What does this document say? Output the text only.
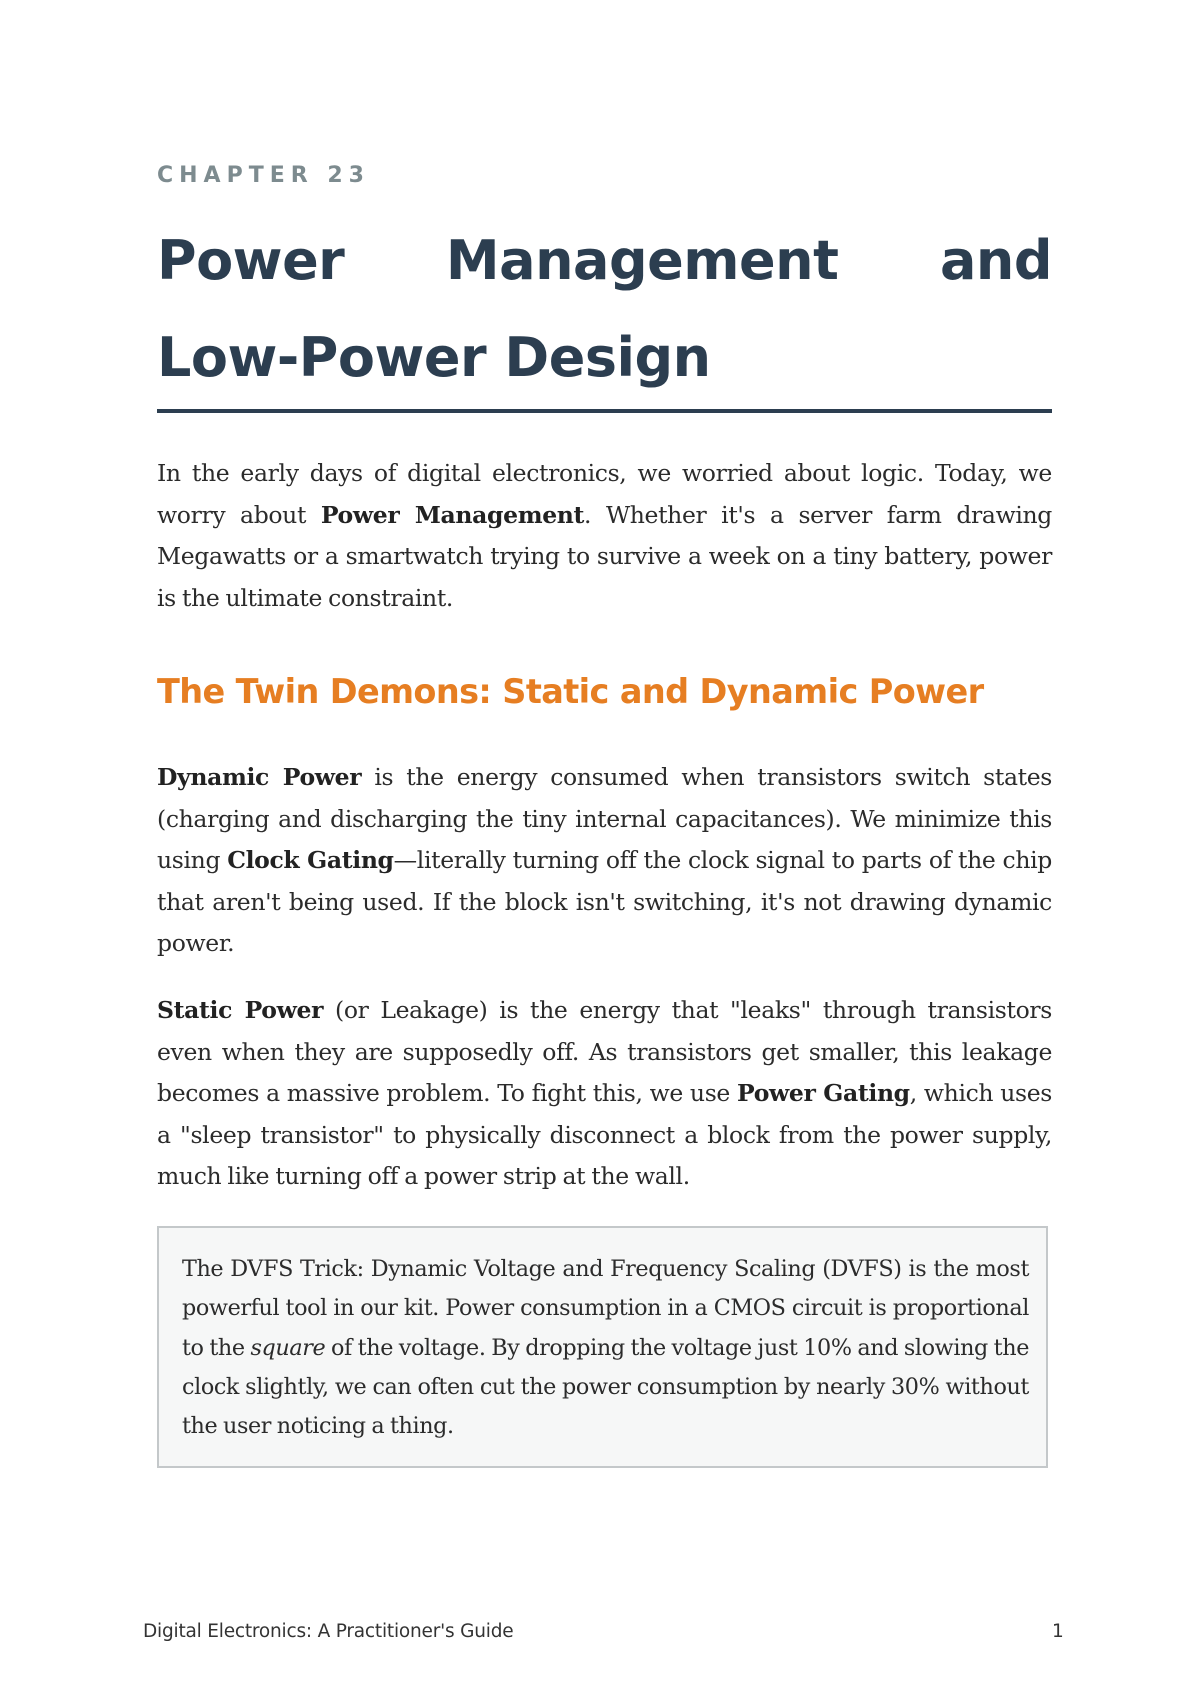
CHAPTER 23
Power Management and
Low-Power Design

In the early days of digital electronics, we worried about logic. Today, we worry about Power Management. Whether it's a server farm drawing Megawatts or a smartwatch trying to survive a week on a tiny battery, power is the ultimate constraint.

The Twin Demons: Static and Dynamic Power

Dynamic Power is the energy consumed when transistors switch states (charging and discharging the tiny internal capacitances). We minimize this using Clock Gating—literally turning off the clock signal to parts of the chip that aren't being used. If the block isn't switching, it's not drawing dynamic power.

Static Power (or Leakage) is the energy that "leaks" through transistors even when they are supposedly off. As transistors get smaller, this leakage becomes a massive problem. To fight this, we use Power Gating, which uses a "sleep transistor" to physically disconnect a block from the power supply, much like turning off a power strip at the wall.

The DVFS Trick: Dynamic Voltage and Frequency Scaling (DVFS) is the most powerful tool in our kit. Power consumption in a CMOS circuit is proportional to the square of the voltage. By dropping the voltage just 10% and slowing the clock slightly, we can often cut the power consumption by nearly 30% without the user noticing a thing.

Digital Electronics: A Practitioner's Guide	1
